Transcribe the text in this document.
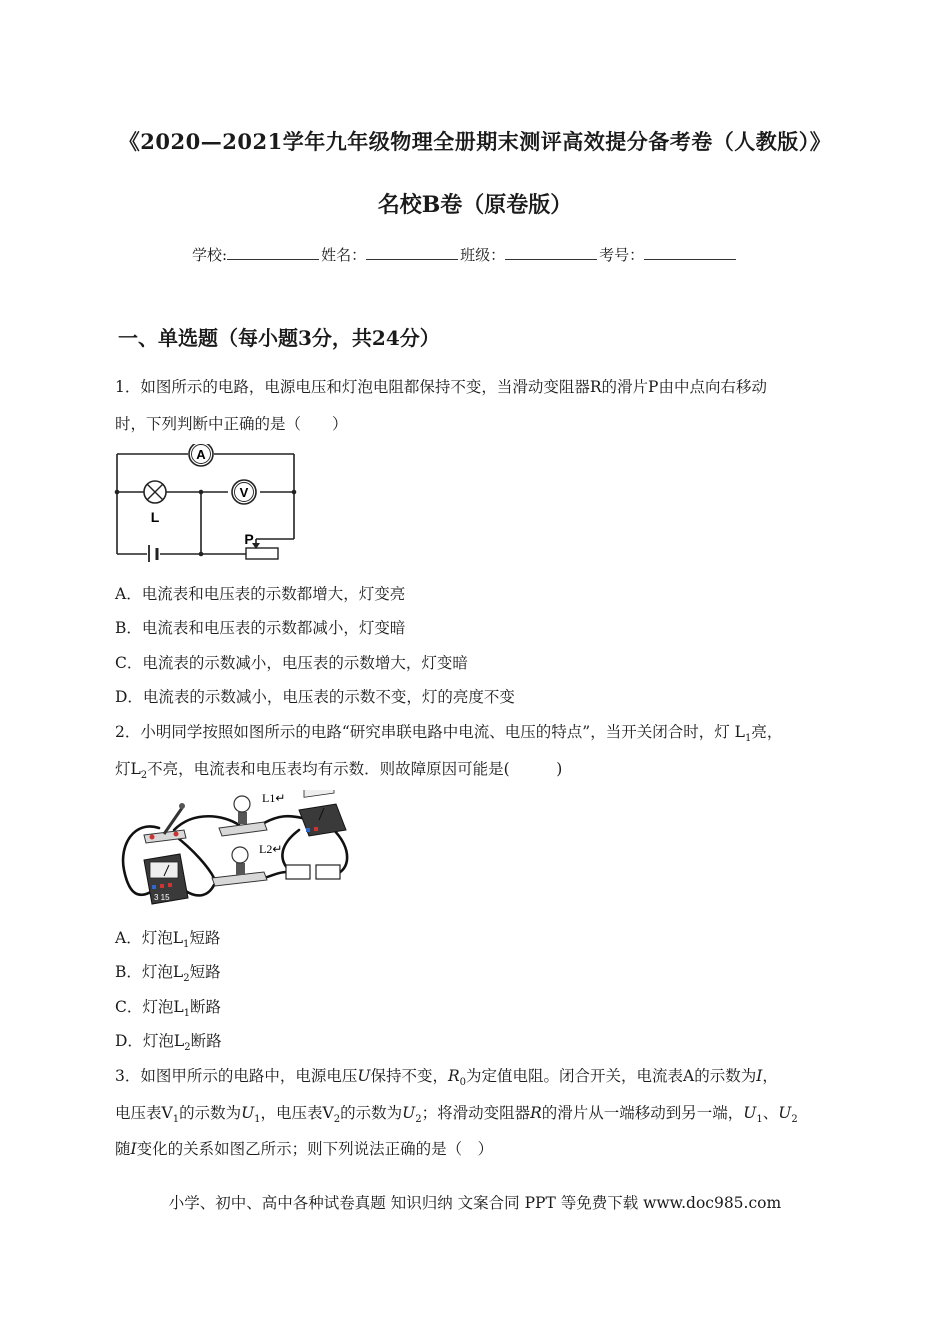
《2020—2021学年九年级物理全册期末测评高效提分备考卷（人教版）》
名校B卷（原卷版）
学校:	姓名：	班级：	考号：
一、单选题（每小题3分，共24分）
1．如图所示的电路，电源电压和灯泡电阻都保持不变，当滑动变阻器R的滑片P由中点向右移动
时，下列判断中正确的是（　　）
A
L
V
P
A．电流表和电压表的示数都增大，灯变亮
B．电流表和电压表的示数都减小，灯变暗
C．电流表的示数减小，电压表的示数增大，灯变暗
D．电流表的示数减小，电压表的示数不变，灯的亮度不变
2．小明同学按照如图所示的电路“研究串联电路中电流、电压的特点”，当开关闭合时，灯 $L_1$亮，
灯$L_2$不亮，电流表和电压表均有示数．则故障原因可能是(　　　)
L1↵
L2↵
3 15
A．灯泡$L_1$短路
B．灯泡$L_2$短路
C．灯泡$L_1$断路
D．灯泡$L_2$断路
3．如图甲所示的电路中，电源电压U保持不变，$R_0$为定值电阻。闭合开关，电流表A的示数为I，
电压表$V_1$的示数为$U_1$，电压表$V_2$的示数为$U_2$；将滑动变阻器R的滑片从一端移动到另一端，$U_1$、$U_2$
随I变化的关系如图乙所示；则下列说法正确的是（　）
小学、初中、高中各种试卷真题 知识归纳 文案合同 PPT 等免费下载 www.doc985.com
